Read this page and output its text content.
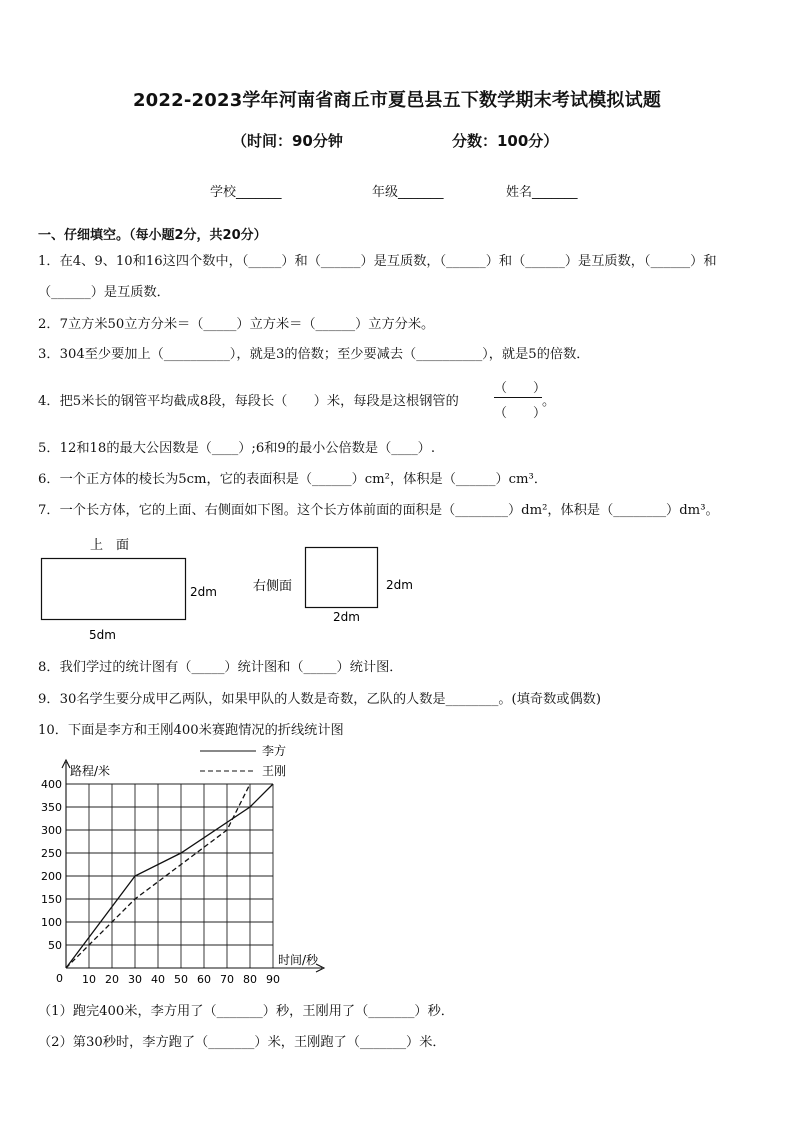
2022-2023学年河南省商丘市夏邑县五下数学期末考试模拟试题
（时间：90分钟	分数：100分）
学校_______	年级_______	姓名_______
一、仔细填空。（每小题2分，共20分）
1．在4、9、10和16这四个数中，（_____）和（______）是互质数，（______）和（______）是互质数，（______）和
（______）是互质数．
2．7立方米50立方分米＝（_____）立方米＝（______）立方分米。
3．304至少要加上（__________），就是3的倍数；至少要减去（__________），就是5的倍数．
4．把5米长的钢管平均截成8段，每段长（　　）米，每段是这根钢管的
（　　）
（　　）
。
5．12和18的最大公因数是（____）;6和9的最小公倍数是（____）.
6．一个正方体的棱长为5cm，它的表面积是（______）cm²，体积是（______）cm³．
7．一个长方体，它的上面、右侧面如下图。这个长方体前面的面积是（________）dm²，体积是（________）dm³。
上　面
2dm
5dm
右侧面	2dm
2dm
8．我们学过的统计图有（_____）统计图和（_____）统计图．
9．30名学生要分成甲乙两队，如果甲队的人数是奇数，乙队的人数是________。(填奇数或偶数)
10．下面是李方和王刚400米赛跑情况的折线统计图
10 20 30 40 50 60 70 80 90
50
100
150
200
250
300
350
400
李方
王刚
路程/米
时间/秒
0
（1）跑完400米，李方用了（_______）秒，王刚用了（_______）秒．
（2）第30秒时，李方跑了（_______）米，王刚跑了（_______）米．
